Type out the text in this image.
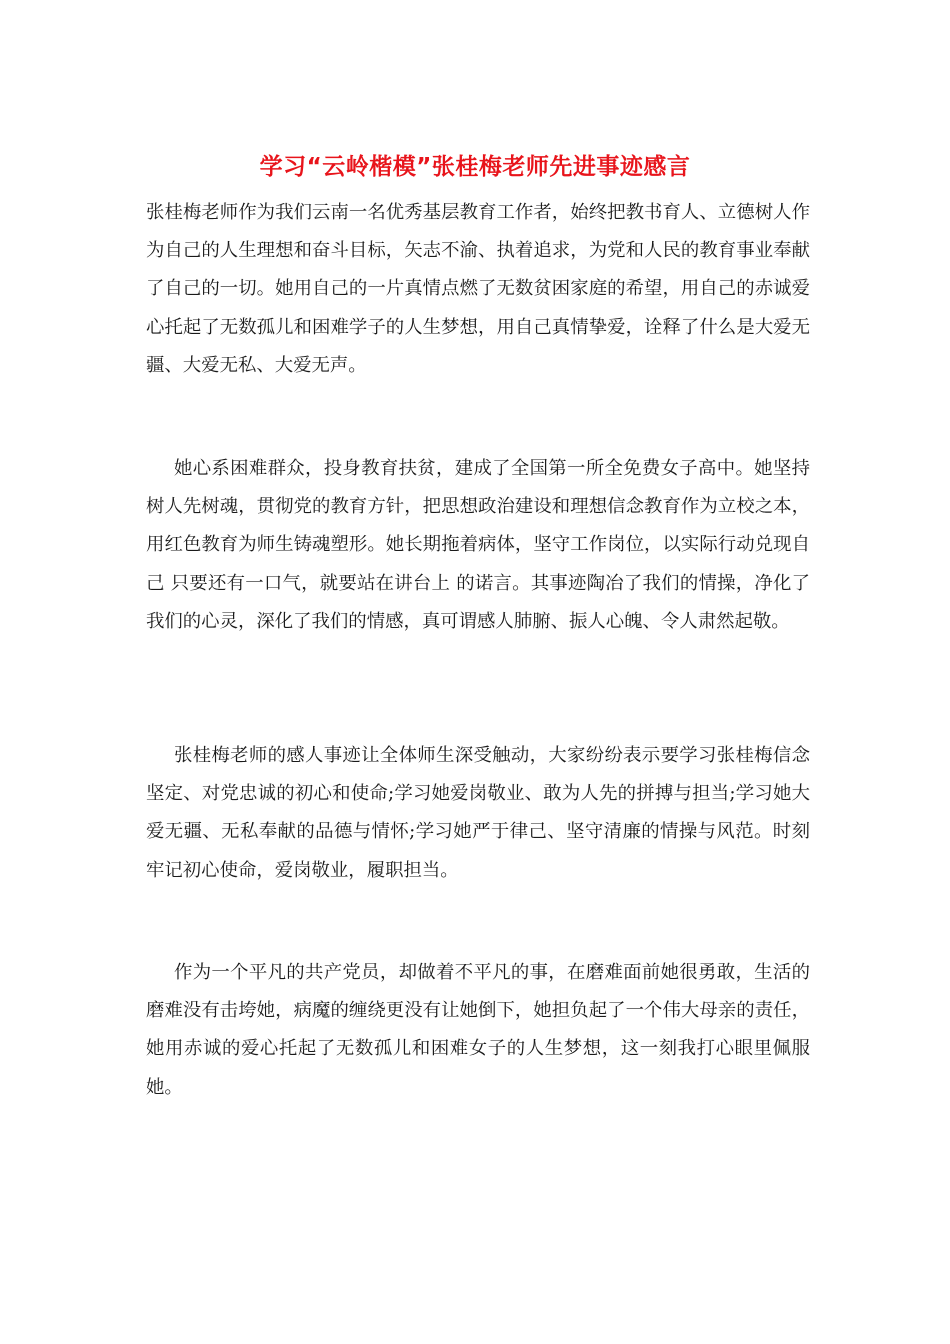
学习“云岭楷模”张桂梅老师先进事迹感言

张桂梅老师作为我们云南一名优秀基层教育工作者，始终把教书育人、立德树人作为自己的人生理想和奋斗目标，矢志不渝、执着追求，为党和人民的教育事业奉献了自己的一切。她用自己的一片真情点燃了无数贫困家庭的希望，用自己的赤诚爱心托起了无数孤儿和困难学子的人生梦想，用自己真情挚爱，诠释了什么是大爱无疆、大爱无私、大爱无声。

她心系困难群众，投身教育扶贫，建成了全国第一所全免费女子高中。她坚持树人先树魂，贯彻党的教育方针，把思想政治建设和理想信念教育作为立校之本，用红色教育为师生铸魂塑形。她长期拖着病体，坚守工作岗位，以实际行动兑现自己 只要还有一口气，就要站在讲台上 的诺言。其事迹陶冶了我们的情操，净化了我们的心灵，深化了我们的情感，真可谓感人肺腑、振人心魄、令人肃然起敬。

张桂梅老师的感人事迹让全体师生深受触动，大家纷纷表示要学习张桂梅信念坚定、对党忠诚的初心和使命;学习她爱岗敬业、敢为人先的拼搏与担当;学习她大爱无疆、无私奉献的品德与情怀;学习她严于律己、坚守清廉的情操与风范。时刻牢记初心使命，爱岗敬业，履职担当。

作为一个平凡的共产党员，却做着不平凡的事，在磨难面前她很勇敢，生活的磨难没有击垮她，病魔的缠绕更没有让她倒下，她担负起了一个伟大母亲的责任，她用赤诚的爱心托起了无数孤儿和困难女子的人生梦想，这一刻我打心眼里佩服她。
